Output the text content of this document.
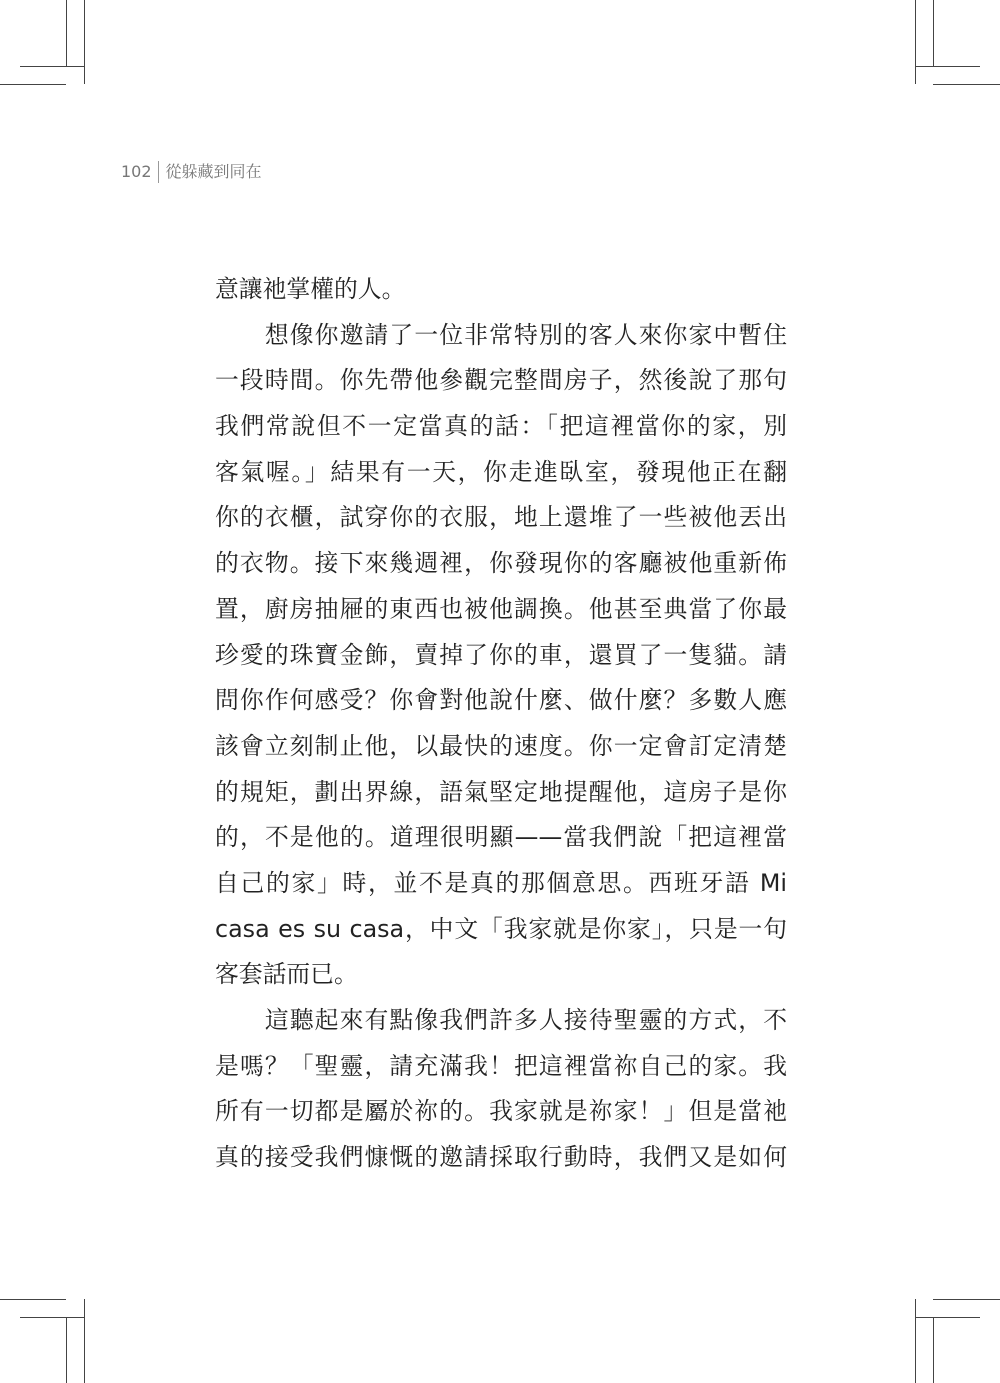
102 從躲藏到同在
意讓祂掌權的人。
　　想像你邀請了一位非常特別的客人來你家中暫住
一段時間。你先帶他參觀完整間房子，然後說了那句
我們常說但不一定當真的話：「把這裡當你的家，別
客氣喔。」結果有一天，你走進臥室，發現他正在翻
你的衣櫃，試穿你的衣服，地上還堆了一些被他丟出
的衣物。接下來幾週裡，你發現你的客廳被他重新佈
置，廚房抽屜的東西也被他調換。他甚至典當了你最
珍愛的珠寶金飾，賣掉了你的車，還買了一隻貓。請
問你作何感受？你會對他說什麼、做什麼？多數人應
該會立刻制止他，以最快的速度。你一定會訂定清楚
的規矩，劃出界線，語氣堅定地提醒他，這房子是你
的，不是他的。道理很明顯——當我們說「把這裡當
自己的家」時，並不是真的那個意思。西班牙語 Mi
casa es su casa，中文「我家就是你家」，只是一句
客套話而已。
　　這聽起來有點像我們許多人接待聖靈的方式，不
是嗎？「聖靈，請充滿我！把這裡當祢自己的家。我
所有一切都是屬於祢的。我家就是祢家！」但是當祂
真的接受我們慷慨的邀請採取行動時，我們又是如何
